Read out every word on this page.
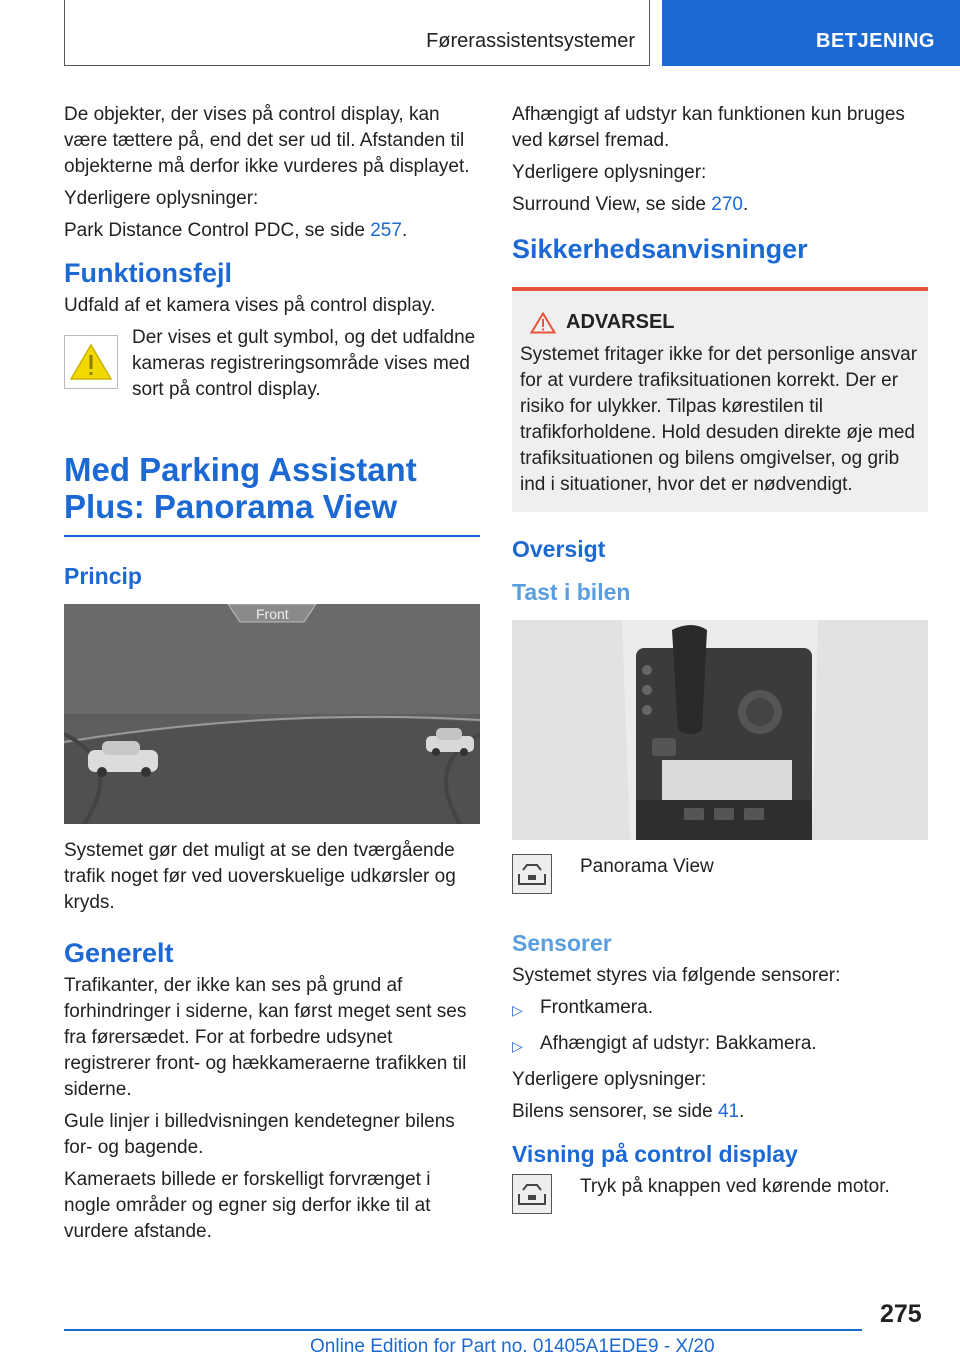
Førerassistentsystemer	BETJENING

De objekter, der vises på control display, kan være tættere på, end det ser ud til. Afstanden til objekterne må derfor ikke vurderes på displayet.

Yderligere oplysninger:

Park Distance Control PDC, se side 257.

Funktionsfejl

Udfald af et kamera vises på control display.

Der vises et gult symbol, og det udfaldne kameras registreringsområde vises med sort på control display.

Med Parking Assistant Plus: Panorama View
Princip
Front

Systemet gør det muligt at se den tværgående trafik noget før ved uoverskuelige udkørsler og kryds.

Generelt

Trafikanter, der ikke kan ses på grund af forhindringer i siderne, kan først meget sent ses fra førersædet. For at forbedre udsynet registrerer front- og hækkameraerne trafikken til siderne.

Gule linjer i billedvisningen kendetegner bilens for- og bagende.

Kameraets billede er forskelligt forvrænget i nogle områder og egner sig derfor ikke til at vurdere afstande.

Afhængigt af udstyr kan funktionen kun bruges ved kørsel fremad.

Yderligere oplysninger:

Surround View, se side 270.

Sikkerhedsanvisninger
ADVARSEL

Systemet fritager ikke for det personlige ansvar for at vurdere trafiksituationen korrekt. Der er risiko for ulykker. Tilpas kørestilen til trafikforholdene. Hold desuden direkte øje med trafiksituationen og bilens omgivelser, og grib ind i situationer, hvor det er nødvendigt.

Oversigt
Tast i bilen

Panorama View

Sensorer

Systemet styres via følgende sensorer:

▷ Frontkamera.
▷ Afhængigt af udstyr: Bakkamera.

Yderligere oplysninger:

Bilens sensorer, se side 41.

Visning på control display

Tryk på knappen ved kørende motor.

275
Online Edition for Part no. 01405A1EDE9 - X/20
